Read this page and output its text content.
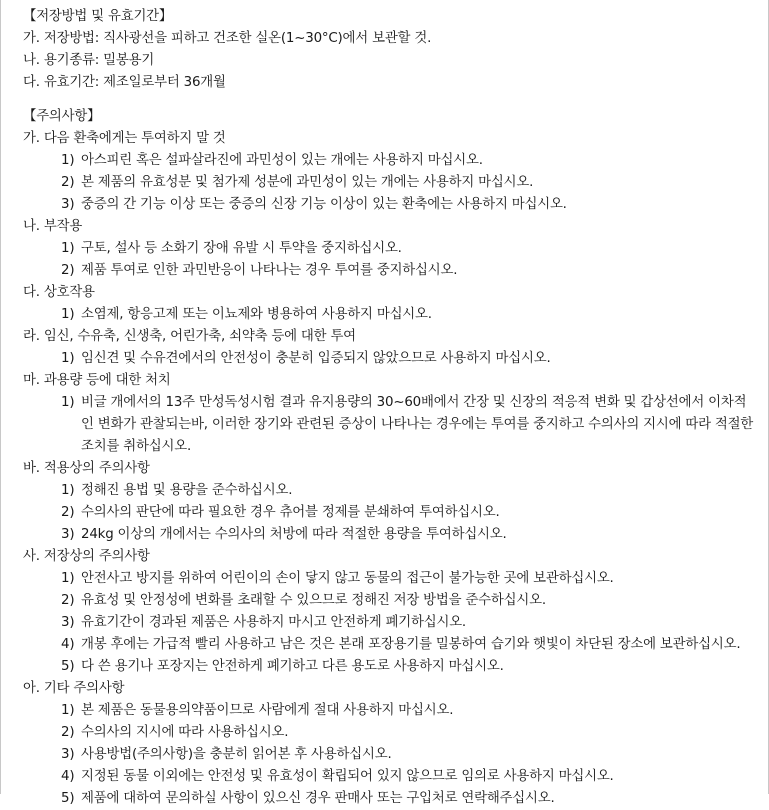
【저장방법 및 유효기간】
가. 저장방법: 직사광선을 피하고 건조한 실온(1~30°C)에서 보관할 것.
나. 용기종류: 밀봉용기
다. 유효기간: 제조일로부터 36개월
【주의사항】
가. 다음 환축에게는 투여하지 말 것
1) 아스피린 혹은 설파살라진에 과민성이 있는 개에는 사용하지 마십시오.
2) 본 제품의 유효성분 및 첨가제 성분에 과민성이 있는 개에는 사용하지 마십시오.
3) 중증의 간 기능 이상 또는 중증의 신장 기능 이상이 있는 환축에는 사용하지 마십시오.
나. 부작용
1) 구토, 설사 등 소화기 장애 유발 시 투약을 중지하십시오.
2) 제품 투여로 인한 과민반응이 나타나는 경우 투여를 중지하십시오.
다. 상호작용
1) 소염제, 항응고제 또는 이뇨제와 병용하여 사용하지 마십시오.
라. 임신, 수유축, 신생축, 어린가축, 쇠약축 등에 대한 투여
1) 임신견 및 수유견에서의 안전성이 충분히 입증되지 않았으므로 사용하지 마십시오.
마. 과용량 등에 대한 처치
1) 비글 개에서의 13주 만성독성시험 결과 유지용량의 30~60배에서 간장 및 신장의 적응적 변화 및 갑상선에서 이차적인 변화가 관찰되는바, 이러한 장기와 관련된 증상이 나타나는 경우에는 투여를 중지하고 수의사의 지시에 따라 적절한 조치를 취하십시오.
바. 적용상의 주의사항
1) 정해진 용법 및 용량을 준수하십시오.
2) 수의사의 판단에 따라 필요한 경우 츄어블 정제를 분쇄하여 투여하십시오.
3) 24kg 이상의 개에서는 수의사의 처방에 따라 적절한 용량을 투여하십시오.
사. 저장상의 주의사항
1) 안전사고 방지를 위하여 어린이의 손이 닿지 않고 동물의 접근이 불가능한 곳에 보관하십시오.
2) 유효성 및 안정성에 변화를 초래할 수 있으므로 정해진 저장 방법을 준수하십시오.
3) 유효기간이 경과된 제품은 사용하지 마시고 안전하게 폐기하십시오.
4) 개봉 후에는 가급적 빨리 사용하고 남은 것은 본래 포장용기를 밀봉하여 습기와 햇빛이 차단된 장소에 보관하십시오.
5) 다 쓴 용기나 포장지는 안전하게 폐기하고 다른 용도로 사용하지 마십시오.
아. 기타 주의사항
1) 본 제품은 동물용의약품이므로 사람에게 절대 사용하지 마십시오.
2) 수의사의 지시에 따라 사용하십시오.
3) 사용방법(주의사항)을 충분히 읽어본 후 사용하십시오.
4) 지정된 동물 이외에는 안전성 및 유효성이 확립되어 있지 않으므로 임의로 사용하지 마십시오.
5) 제품에 대하여 문의하실 사항이 있으신 경우 판매사 또는 구입처로 연락해주십시오.
